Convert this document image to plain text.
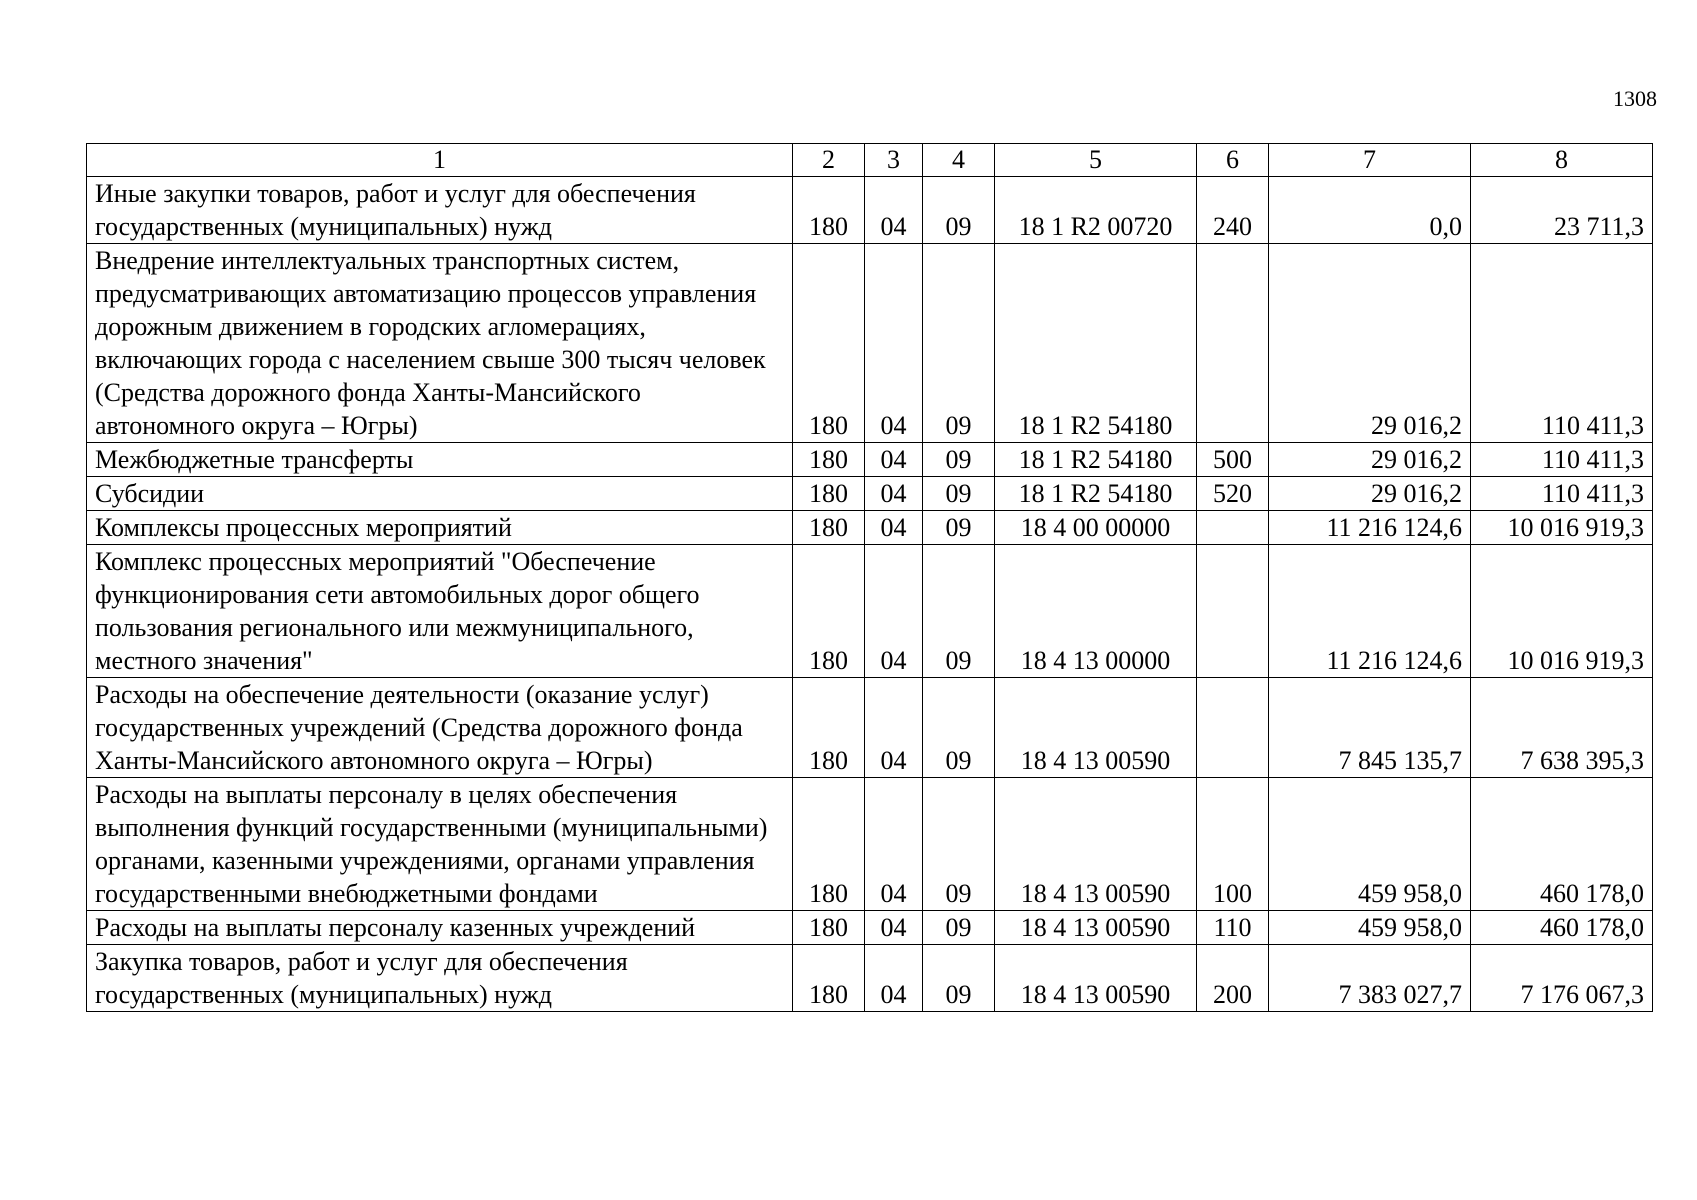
1308
1	2	3	4	5	6	7	8
Иные закупки товаров, работ и услуг для обеспечения государственных (муниципальных) нужд	180	04	09	18 1 R2 00720	240	0,0	23 711,3
Внедрение интеллектуальных транспортных систем, предусматривающих автоматизацию процессов управления дорожным движением в городских агломерациях, включающих города с населением свыше 300 тысяч человек (Средства дорожного фонда Ханты-Мансийского автономного округа – Югры)	180	04	09	18 1 R2 54180		29 016,2	110 411,3
Межбюджетные трансферты	180	04	09	18 1 R2 54180	500	29 016,2	110 411,3
Субсидии	180	04	09	18 1 R2 54180	520	29 016,2	110 411,3
Комплексы процессных мероприятий	180	04	09	18 4 00 00000		11 216 124,6	10 016 919,3
Комплекс процессных мероприятий "Обеспечение функционирования сети автомобильных дорог общего пользования регионального или межмуниципального, местного значения"	180	04	09	18 4 13 00000		11 216 124,6	10 016 919,3
Расходы на обеспечение деятельности (оказание услуг) государственных учреждений (Средства дорожного фонда Ханты-Мансийского автономного округа – Югры)	180	04	09	18 4 13 00590		7 845 135,7	7 638 395,3
Расходы на выплаты персоналу в целях обеспечения выполнения функций государственными (муниципальными) органами, казенными учреждениями, органами управления государственными внебюджетными фондами	180	04	09	18 4 13 00590	100	459 958,0	460 178,0
Расходы на выплаты персоналу казенных учреждений	180	04	09	18 4 13 00590	110	459 958,0	460 178,0
Закупка товаров, работ и услуг для обеспечения государственных (муниципальных) нужд	180	04	09	18 4 13 00590	200	7 383 027,7	7 176 067,3
